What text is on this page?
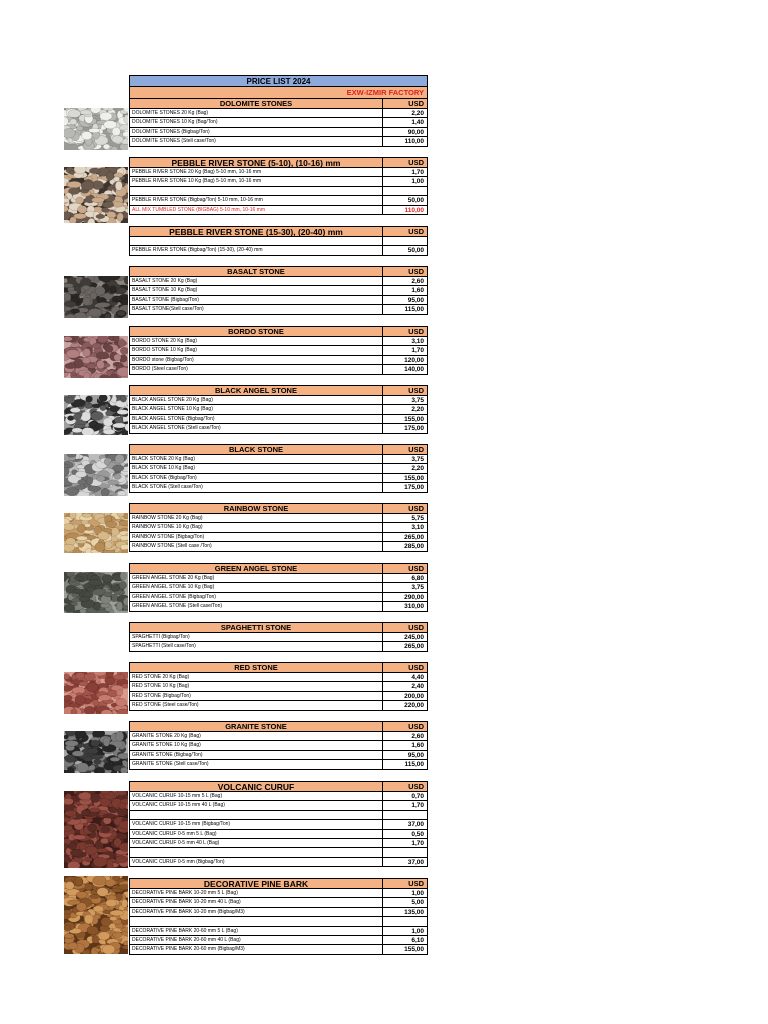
PRICE LIST 2024
EXW-IZMIR FACTORY
DOLOMITE STONES	USD
DOLOMITE STONES 20 Kg (Bag)	2,20
DOLOMITE STONES 10 Kg (Bag/Ton)	1,40
DOLOMITE STONES (Bigbag/Ton)	90,00
DOLOMITE STONES (Stell case/Ton)	110,00
PEBBLE RIVER STONE (5-10), (10-16) mm	USD
PEBBLE RIVER STONE 20 Kg (Bag) 5-10 mm, 10-16 mm	1,70
PEBBLE RIVER STONE 10 Kg (Bag) 5-10 mm, 10-16 mm	1,00
PEBBLE RIVER STONE (Bigbag/Ton) 5-10 mm, 10-16 mm	50,00
ALL MIX TUMBLED STONE (BIGBAG) 5-10 mm, 10-16 mm	110,00
PEBBLE RIVER STONE (15-30), (20-40) mm	USD
PEBBLE RIVER STONE (Bigbag/Ton) (15-30), (20-40) mm	50,00
BASALT STONE	USD
BASALT STONE 20 Kg (Bag)	2,60
BASALT STONE 10 Kg (Bag)	1,60
BASALT STONE (Bigbag/Ton)	95,00
BASALT STONE(Stell case/Ton)	115,00
BORDO STONE	USD
BORDO STONE 20 Kg (Bag)	3,10
BORDO STONE 10 Kg (Bag)	1,70
BORDO stone (Bigbag/Ton)	120,00
BORDO (Steel case/Ton)	140,00
BLACK ANGEL STONE	USD
BLACK ANGEL STONE 20 Kg (Bag)	3,75
BLACK ANGEL STONE 10 Kg (Bag)	2,20
BLACK ANGEL STONE (Bigbag/Ton)	155,00
BLACK ANGEL STONE (Stell case/Ton)	175,00
BLACK STONE	USD
BLACK STONE 20 Kg (Bag)	3,75
BLACK STONE 10 Kg (Bag)	2,20
BLACK STONE (Bigbag/Ton)	155,00
BLACK STONE (Stell case/Ton)	175,00
RAINBOW STONE	USD
RAINBOW STONE 20 Kg (Bag)	5,75
RAINBOW STONE 10 Kg (Bag)	3,10
RAINBOW STONE (Bigbag/Ton)	265,00
RAINBOW STONE (Stell case /Ton)	285,00
GREEN ANGEL STONE	USD
GREEN ANGEL STONE 20 Kg (Bag)	6,80
GREEN ANGEL STONE 10 Kg (Bag)	3,75
GREEN ANGEL STONE (Bigbag/Ton)	290,00
GREEN ANGEL STONE (Stell case/Ton)	310,00
SPAGHETTI STONE	USD
SPAGHETTI (Bigbag/Ton)	245,00
SPAGHETTI (Stell case/Ton)	265,00
RED STONE	USD
RED STONE 20 Kg (Bag)	4,40
RED STONE 10 Kg (Bag)	2,40
RED STONE (Bigbag/Ton)	200,00
RED STONE (Steel case/Ton)	220,00
GRANITE STONE	USD
GRANITE STONE 20 Kg (Bag)	2,60
GRANITE STONE 10 Kg (Bag)	1,60
GRANITE STONE (Bigbag/Ton)	95,00
GRANITE STONE (Stell case/Ton)	115,00
VOLCANIC CURUF	USD
VOLCANIC CURUF 10-15 mm 5 L (Bag)	0,70
VOLCANIC CURUF 10-15 mm 40 L (Bag)	1,70
VOLCANIC CURUF 10-15 mm (Bigbag/Ton)	37,00
VOLCANIC CURUF 0-5 mm 5 L (Bag)	0,50
VOLCANIC CURUF 0-5 mm 40 L (Bag)	1,70
VOLCANIC CURUF 0-5 mm (Bigbag/Ton)	37,00
DECORATIVE PINE BARK	USD
DECORATIVE PINE BARK 10-20 mm 5 L (Bag)	1,00
DECORATIVE PINE BARK 10-20 mm 40 L (Bag)	5,00
DECORATIVE PINE BARK 10-20 mm (Bigbag/M3)	135,00
DECORATIVE PINE BARK 20-60 mm 5 L (Bag)	1,00
DECORATIVE PINE BARK 20-60 mm 40 L (Bag)	6,10
DECORATIVE PINE BARK 20-60 mm (Bigbag/M3)	155,00
